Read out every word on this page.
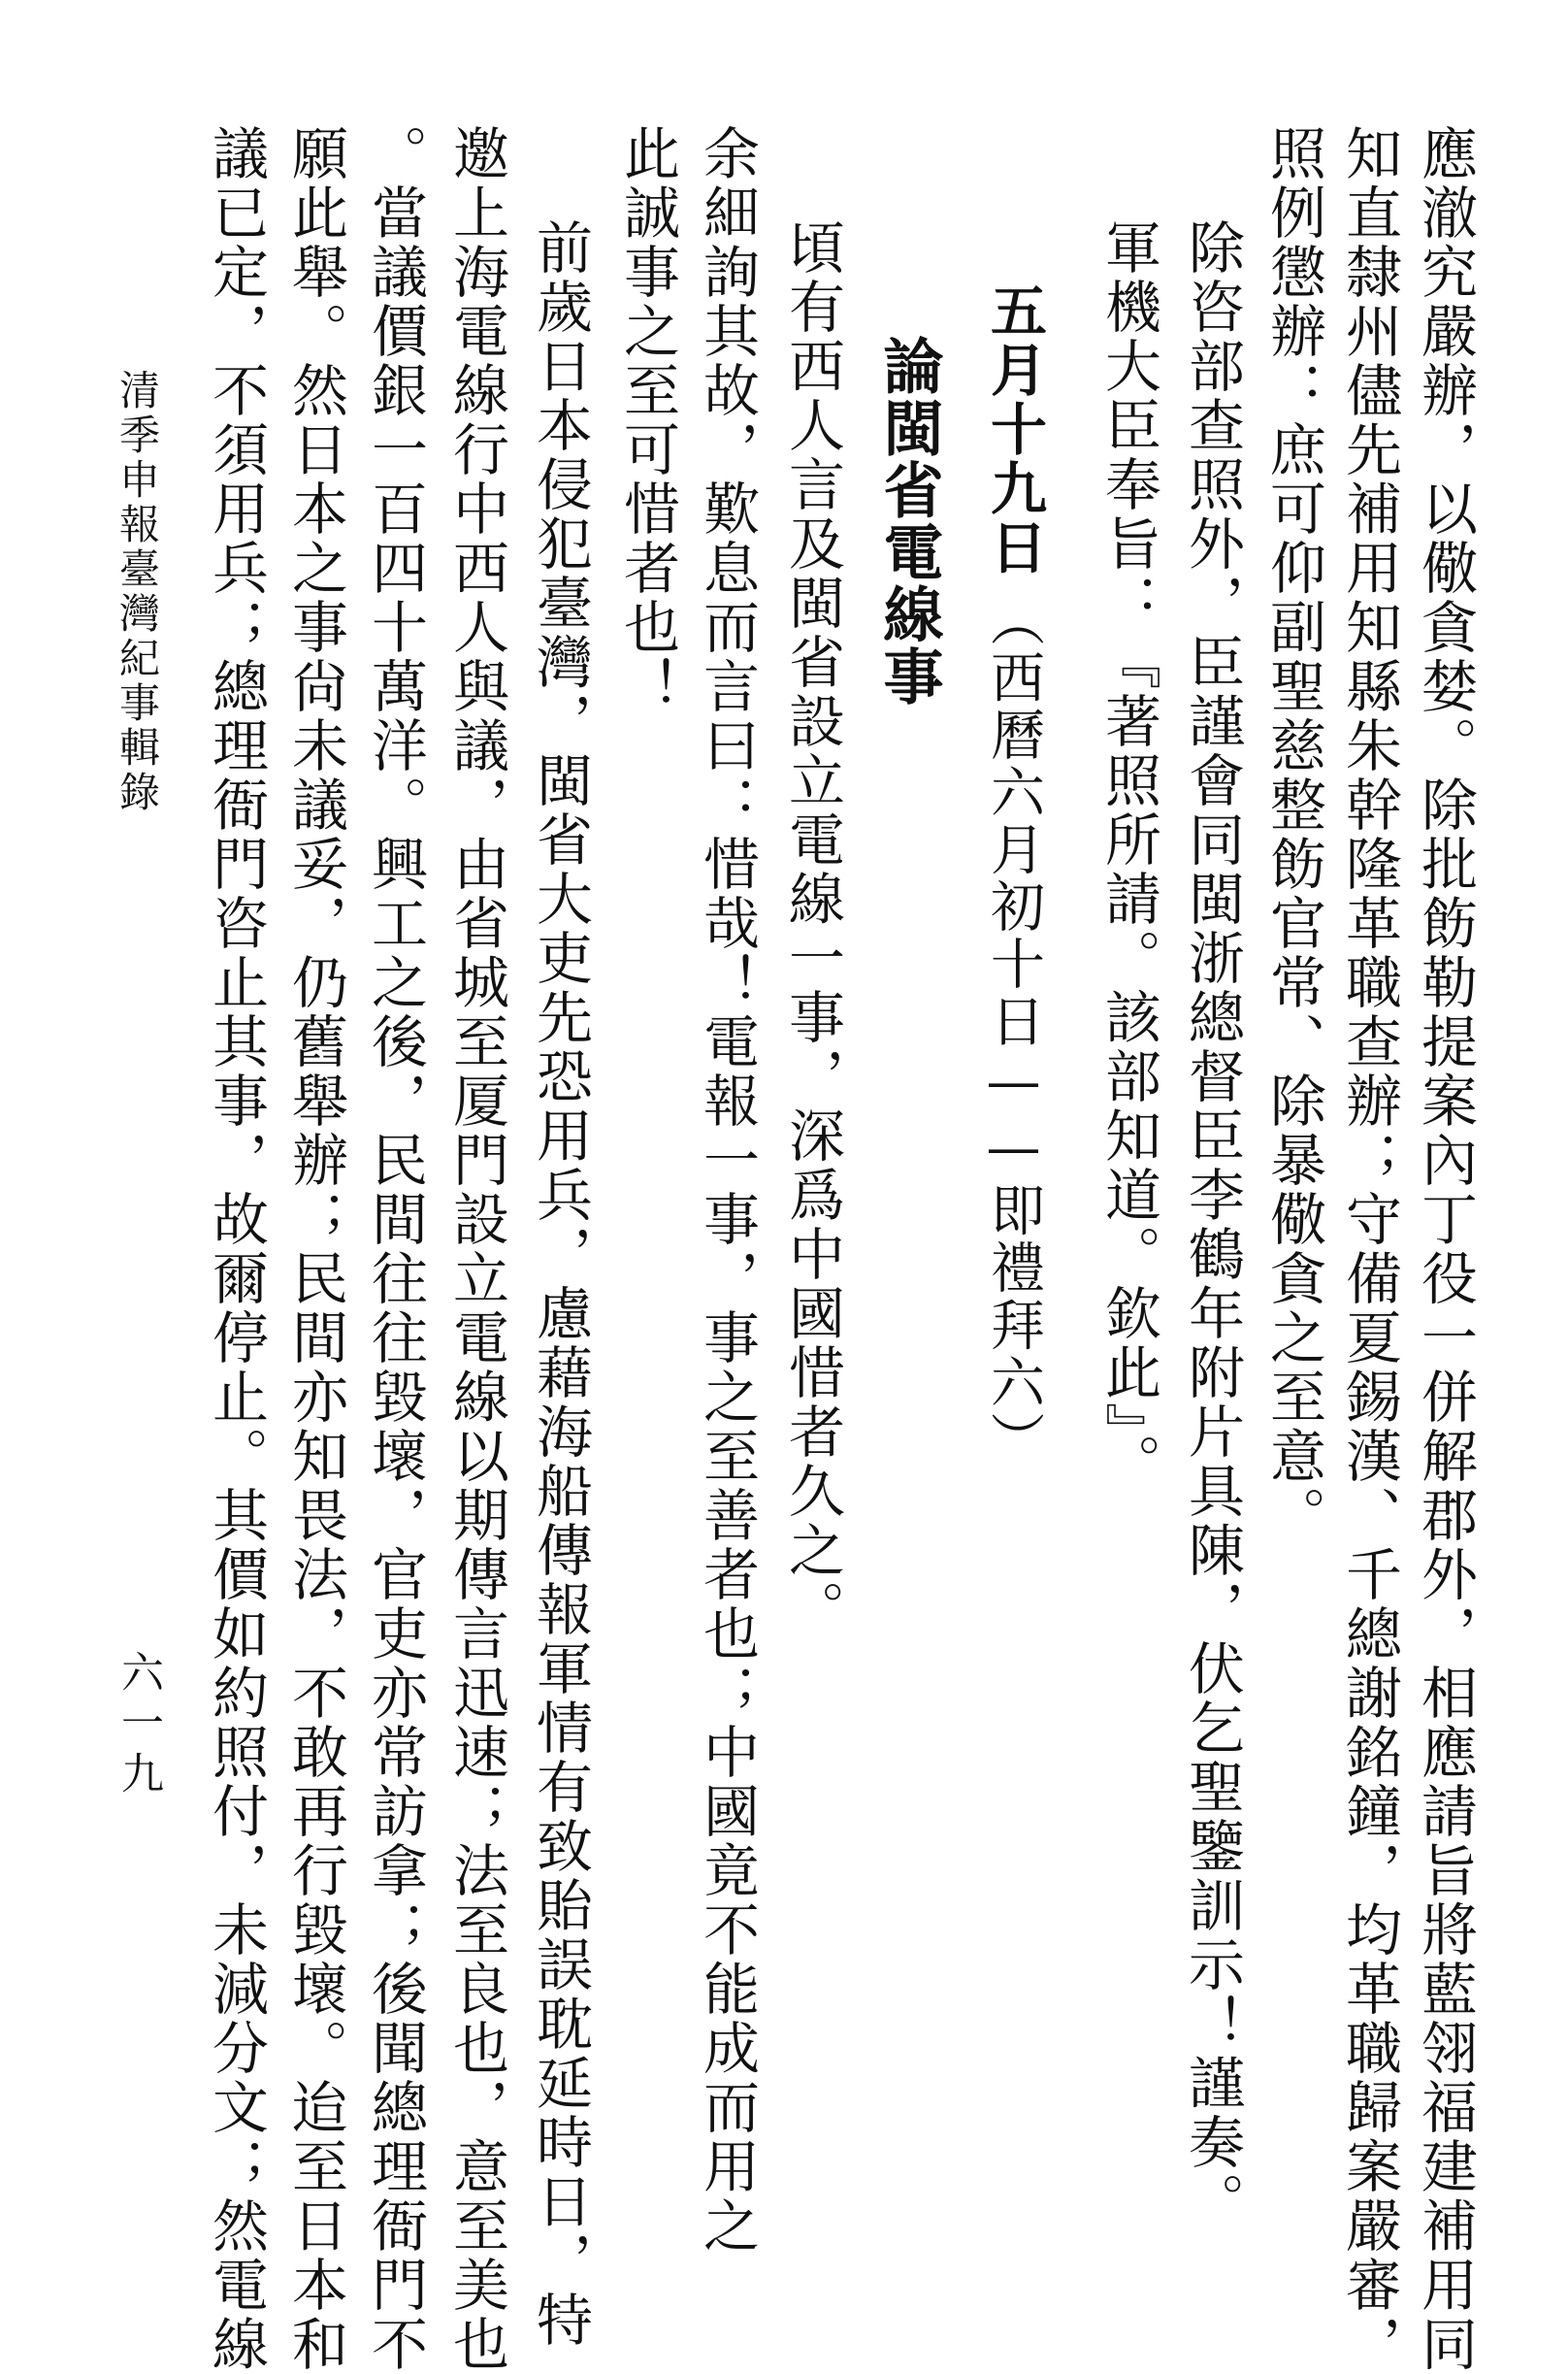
應澈究嚴辦，以儆貪婪。除批飭勒提案內丁役一併解郡外，相應請旨將藍翎福建補用同
知直隸州儘先補用知縣朱幹隆革職查辦；守備夏錫漢、千總謝銘鐘，均革職歸案嚴審，
照例懲辦：庶可仰副聖慈整飭官常、除暴儆貪之至意。
除咨部查照外，臣謹會同閩浙總督臣李鶴年附片具陳，伏乞聖鑒訓示！謹奏。
軍機大臣奉旨：『著照所請。該部知道。欽此』。
五月十九日
（西曆六月初十日——即禮拜六）
論閩省電線事
頃有西人言及閩省設立電線一事，深爲中國惜者久之。
余細詢其故，歎息而言曰：惜哉！電報一事，事之至善者也；中國竟不能成而用之
此誠事之至可惜者也！
前歲日本侵犯臺灣，閩省大吏先恐用兵，慮藉海船傳報軍情有致貽誤耽延時日，特
邀上海電線行中西人與議，由省城至厦門設立電線以期傳言迅速；法至良也，意至美也
。當議價銀一百四十萬洋。興工之後，民間往往毀壞，官吏亦常訪拿；後聞總理衙門不
願此舉。然日本之事尙未議妥，仍舊舉辦；民間亦知畏法，不敢再行毀壞。迨至日本和
議已定，不須用兵；總理衙門咨止其事，故爾停止。其價如約照付，未減分文；然電線
清季申報臺灣紀事輯錄
六一九
